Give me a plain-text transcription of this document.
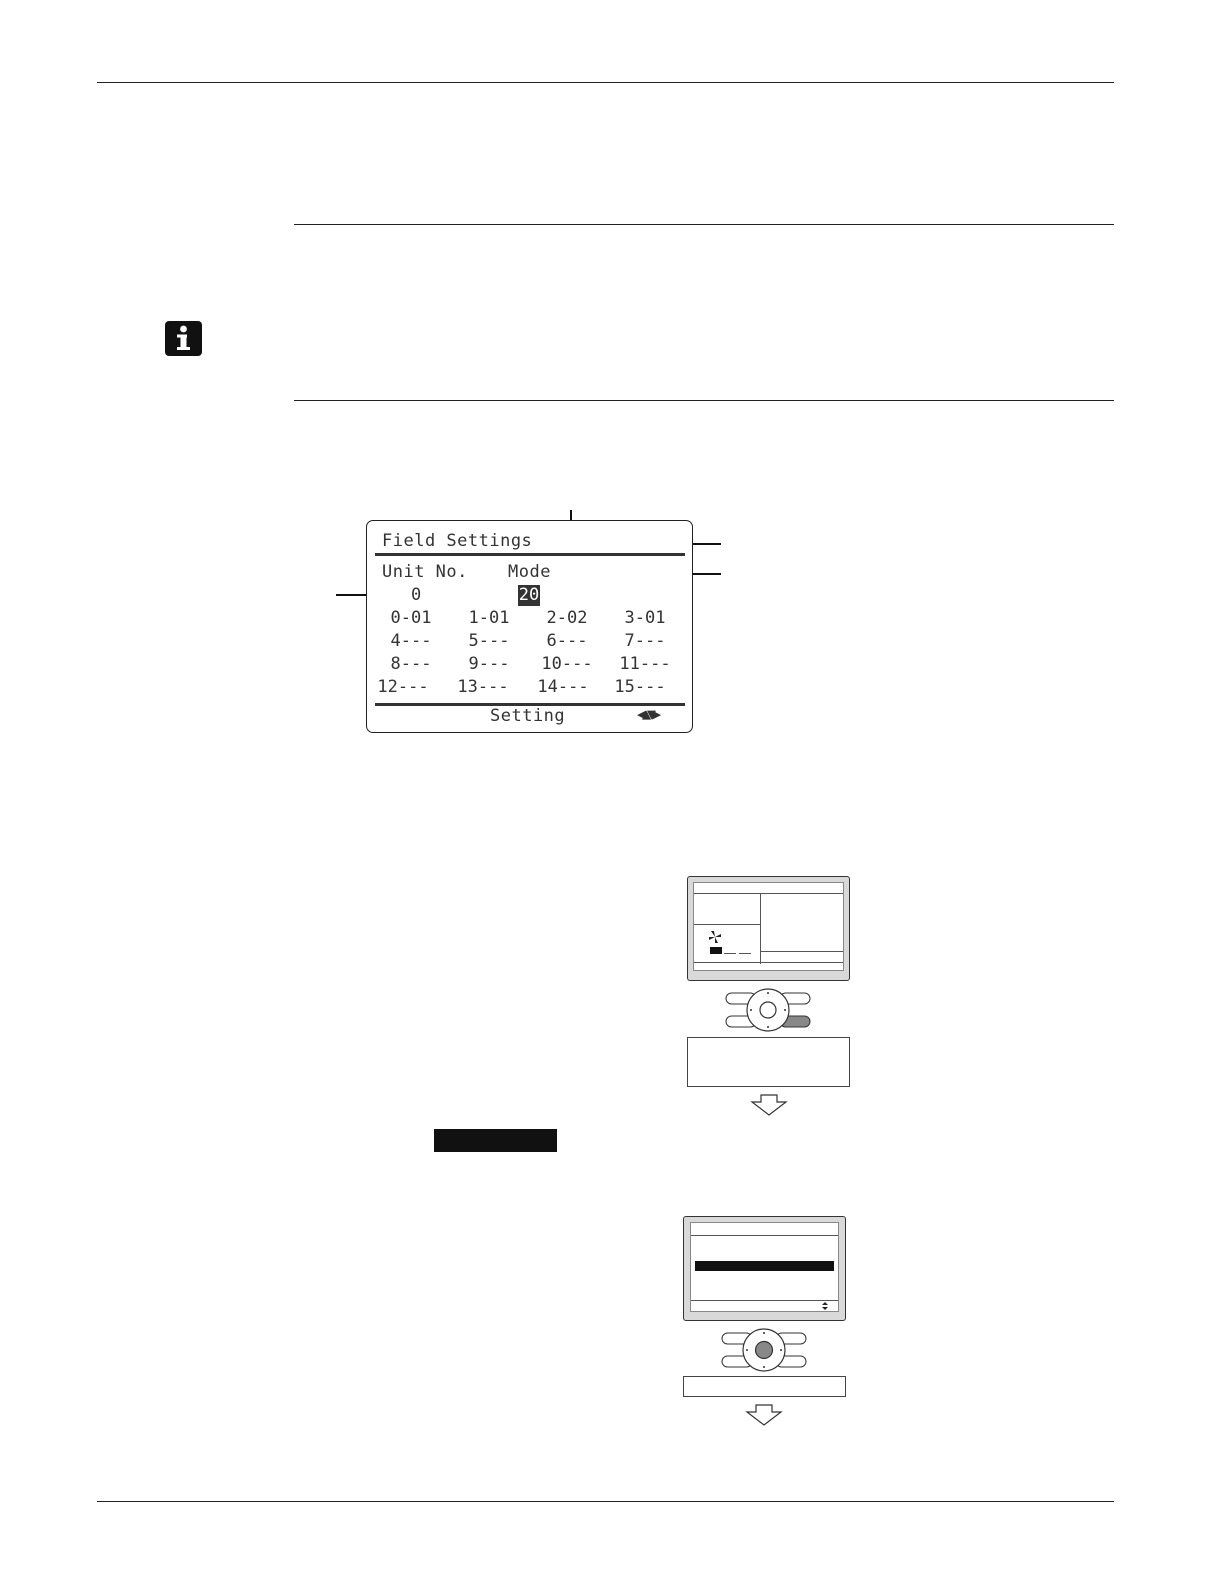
Field Settings
Unit No. Mode
0	20
0-01	1-01	2-02	3-01
4---	5---	6---	7---
8---	9---	10--- 11---
12--- 13--- 14--- 15---
Setting	◀▲▼▶
